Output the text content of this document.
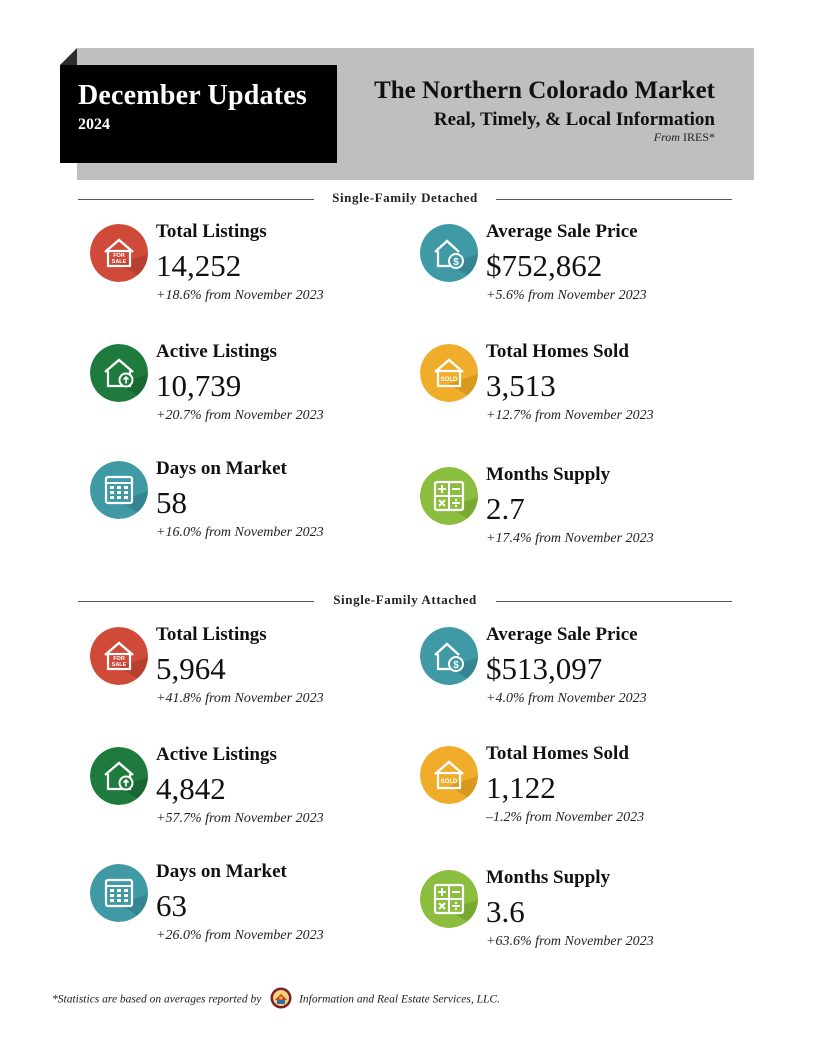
December Updates
2024
The Northern Colorado Market
Real, Timely, & Local Information
From IRES*
Single-Family Detached
FOR
SALE
Total Listings
14,252
+18.6% from November 2023
$
Average Sale Price
$752,862
+5.6% from November 2023
Active Listings
10,739
+20.7% from November 2023
SOLD
Total Homes Sold
3,513
+12.7% from November 2023
Days on Market
58
+16.0% from November 2023
Months Supply
2.7
+17.4% from November 2023
Single-Family Attached
FOR
SALE
Total Listings
5,964
+41.8% from November 2023
$
Average Sale Price
$513,097
+4.0% from November 2023
Active Listings
4,842
+57.7% from November 2023
SOLD
Total Homes Sold
1,122
–1.2% from November 2023
Days on Market
63
+26.0% from November 2023
Months Supply
3.6
+63.6% from November 2023
*Statistics are based on averages reported by	Information and Real Estate Services, LLC.
